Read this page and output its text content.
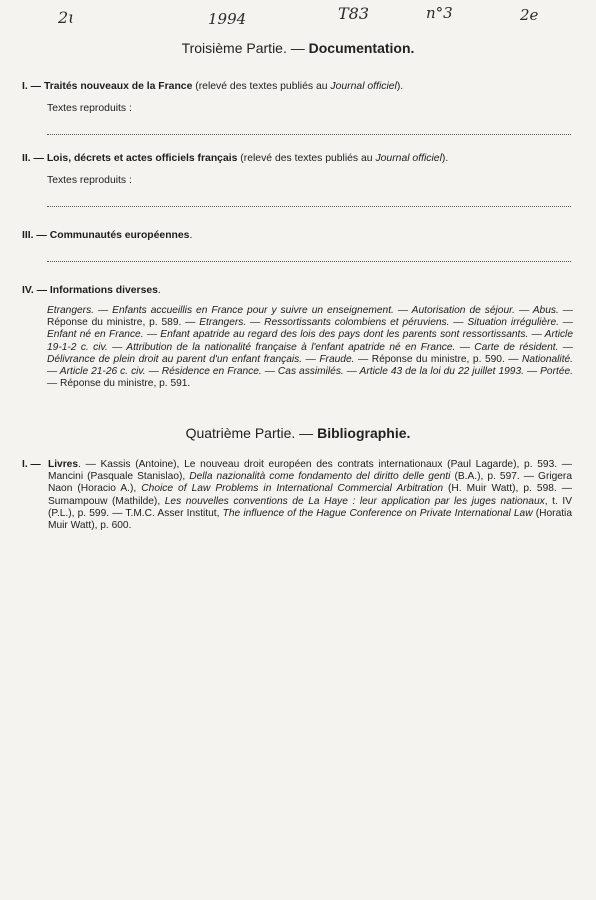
2ɩ	1994	T83	n°3	2e
Troisième Partie. — Documentation.
I. — Traités nouveaux de la France (relevé des textes publiés au Journal officiel).
Textes reproduits :
II. — Lois, décrets et actes officiels français (relevé des textes publiés au Journal officiel).
Textes reproduits :
III. — Communautés européennes.
IV. — Informations diverses.
Etrangers. — Enfants accueillis en France pour y suivre un enseignement. — Autorisation de séjour. — Abus. — Réponse du ministre, p. 589. — Etrangers. — Ressortissants colombiens et péruviens. — Situation irrégulière. — Enfant né en France. — Enfant apatride au regard des lois des pays dont les parents sont ressortissants. — Article 19-1-2 c. civ. — Attribution de la nationalité française à l'enfant apatride né en France. — Carte de résident. — Délivrance de plein droit au parent d'un enfant français. — Fraude. — Réponse du ministre, p. 590. — Nationalité. — Article 21-26 c. civ. — Résidence en France. — Cas assimilés. — Article 43 de la loi du 22 juillet 1993. — Portée. — Réponse du ministre, p. 591.
Quatrième Partie. — Bibliographie.
I. — Livres. — Kassis (Antoine), Le nouveau droit européen des contrats internationaux (Paul Lagarde), p. 593. — Mancini (Pasquale Stanislao), Della nazionalità come fondamento del diritto delle genti (B.A.), p. 597. — Grigera Naon (Horacio A.), Choice of Law Problems in International Commercial Arbitration (H. Muir Watt), p. 598. — Sumampouw (Mathilde), Les nouvelles conventions de La Haye : leur application par les juges nationaux, t. IV (P.L.), p. 599. — T.M.C. Asser Institut, The influence of the Hague Conference on Private International Law (Horatia Muir Watt), p. 600.
